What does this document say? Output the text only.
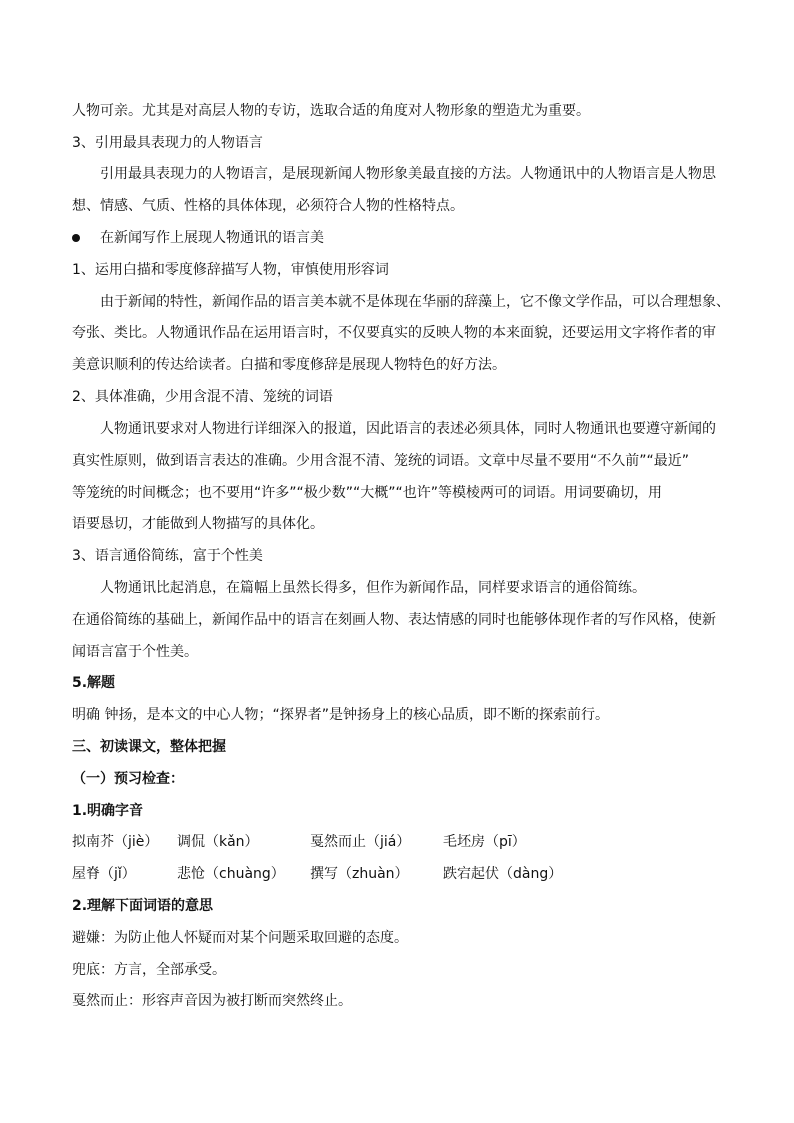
人物可亲。尤其是对高层人物的专访，选取合适的角度对人物形象的塑造尤为重要。
3、引用最具表现力的人物语言
引用最具表现力的人物语言，是展现新闻人物形象美最直接的方法。人物通讯中的人物语言是人物思
想、情感、气质、性格的具体体现，必须符合人物的性格特点。
在新闻写作上展现人物通讯的语言美
1、运用白描和零度修辞描写人物，审慎使用形容词
由于新闻的特性，新闻作品的语言美本就不是体现在华丽的辞藻上，它不像文学作品，可以合理想象、
夸张、类比。人物通讯作品在运用语言时，不仅要真实的反映人物的本来面貌，还要运用文字将作者的审
美意识顺利的传达给读者。白描和零度修辞是展现人物特色的好方法。
2、具体准确，少用含混不清、笼统的词语
人物通讯要求对人物进行详细深入的报道，因此语言的表述必须具体，同时人物通讯也要遵守新闻的
真实性原则，做到语言表达的准确。少用含混不清、笼统的词语。文章中尽量不要用“不久前”“最近”
等笼统的时间概念；也不要用“许多”“极少数”“大概”“也许”等模棱两可的词语。用词要确切，用
语要恳切，才能做到人物描写的具体化。
3、语言通俗简练，富于个性美
人物通讯比起消息，在篇幅上虽然长得多，但作为新闻作品，同样要求语言的通俗简练。
在通俗简练的基础上，新闻作品中的语言在刻画人物、表达情感的同时也能够体现作者的写作风格，使新
闻语言富于个性美。
5.解题
明确 钟扬，是本文的中心人物；“探界者”是钟扬身上的核心品质，即不断的探索前行。
三、初读课文，整体把握
（一）预习检查：
1.明确字音
拟南芥（jiè） 调侃（kǎn）	戛然而止（jiá） 毛坯房（pī）
屋脊（jǐ）	悲怆（chuàng） 撰写（zhuàn） 跌宕起伏（dàng）
2.理解下面词语的意思
避嫌：为防止他人怀疑而对某个问题采取回避的态度。
兜底：方言，全部承受。
戛然而止：形容声音因为被打断而突然终止。
